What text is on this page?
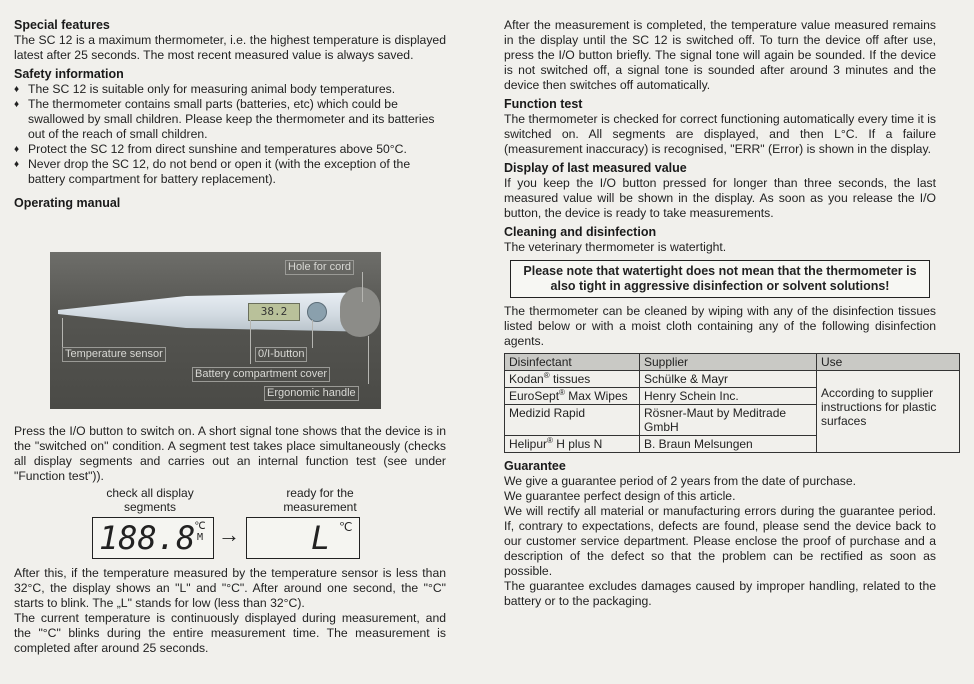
Special features

The SC 12 is a maximum thermometer, i.e. the highest temperature is displayed latest after 25 seconds. The most recent measured value is always saved.

Safety information
♦ The SC 12 is suitable only for measuring animal body temperatures.
♦ The thermometer contains small parts (batteries, etc) which could be swallowed by small children. Please keep the thermometer and its batteries out of the reach of small children.
♦ Protect the SC 12 from direct sunshine and temperatures above 50°C.
♦ Never drop the SC 12, do not bend or open it (with the exception of the battery compartment for battery replacement).
Operating manual
38.2
Hole for cord
Temperature sensor	0/I-button
Battery compartment cover
Ergonomic handle

Press the I/O button to switch on. A short signal tone shows that the device is in the "switched on" condition. A segment test takes place simultaneously (checks all display segments and carries out an internal function test (see under "Function test")).

check all display segments
ready for the measurement
188.8 ℃ M → L ℃

After this, if the temperature measured by the temperature sensor is less than 32°C, the display shows an "L" and "°C". After around one second, the "°C" starts to blink. The „L" stands for low (less than 32°C).

The current temperature is continuously displayed during measurement, and the "°C" blinks during the entire measurement time. The measurement is completed after around 25 seconds.

After the measurement is completed, the temperature value measured remains in the display until the SC 12 is switched off. To turn the device off after use, press the I/O button briefly. The signal tone will again be sounded. If the device is not switched off, a signal tone is sounded after around 3 minutes and the device then switches off automatically.

Function test

The thermometer is checked for correct functioning automatically every time it is switched on. All segments are displayed, and then L°C. If a failure (measurement inaccuracy) is recognised, "ERR" (Error) is shown in the display.

Display of last measured value

If you keep the I/O button pressed for longer than three seconds, the last measured value will be shown in the display. As soon as you release the I/O button, the device is ready to take measurements.

Cleaning and disinfection

The veterinary thermometer is watertight.

Please note that watertight does not mean that the thermometer is also tight in aggressive disinfection or solvent solutions!

The thermometer can be cleaned by wiping with any of the disinfection tissues listed below or with a moist cloth containing any of the following disinfection agents.

Disinfectant	Supplier	Use
Kodan® tissues	Schülke & Mayr	According to supplier instructions for plastic surfaces
EuroSept® Max Wipes	Henry Schein Inc.	
Medizid Rapid	Rösner-Maut by Meditrade GmbH	
Helipur® H plus N	B. Braun Melsungen	
Guarantee

We give a guarantee period of 2 years from the date of purchase.

We guarantee perfect design of this article.

We will rectify all material or manufacturing errors during the guarantee period. If, contrary to expectations, defects are found, please send the device back to our customer service department. Please enclose the proof of purchase and a description of the defect so that the problem can be rectified as soon as possible.

The guarantee excludes damages caused by improper handling, related to the battery or to the packaging.
